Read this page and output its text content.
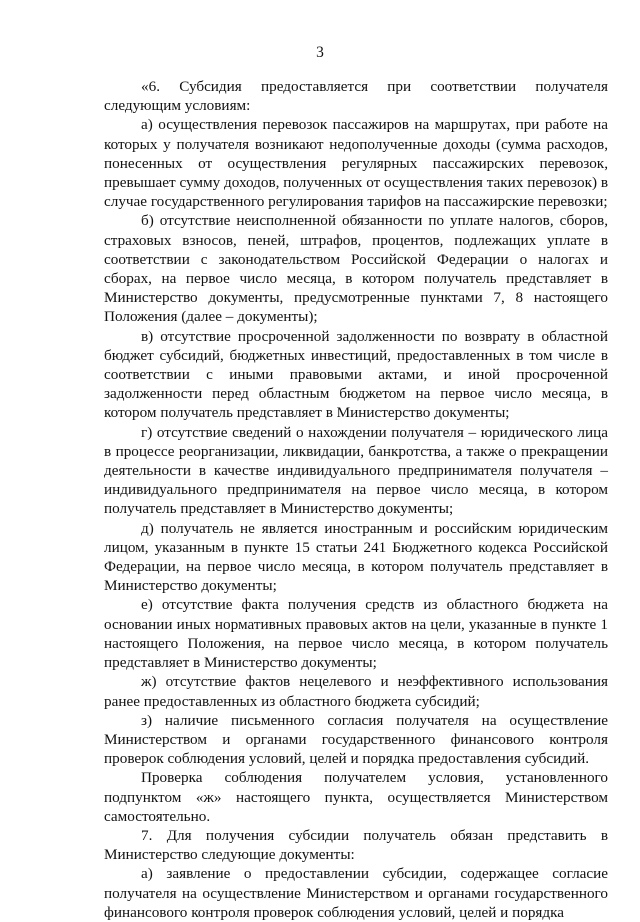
3

«6. Субсидия предоставляется при соответствии получателя следующим условиям:

а) осуществления перевозок пассажиров на маршрутах, при работе на которых у получателя возникают недополученные доходы (сумма расходов, понесенных от осуществления регулярных пассажирских перевозок, превышает сумму доходов, полученных от осуществления таких перевозок) в случае государственного регулирования тарифов на пассажирские перевозки;

б) отсутствие неисполненной обязанности по уплате налогов, сборов, страховых взносов, пеней, штрафов, процентов, подлежащих уплате в соответствии с законодательством Российской Федерации о налогах и сборах, на первое число месяца, в котором получатель представляет в Министерство документы, предусмотренные пунктами 7, 8 настоящего Положения (далее – документы);

в) отсутствие просроченной задолженности по возврату в областной бюджет субсидий, бюджетных инвестиций, предоставленных в том числе в соответствии с иными правовыми актами, и иной просроченной задолженности перед областным бюджетом на первое число месяца, в котором получатель представляет в Министерство документы;

г) отсутствие сведений о нахождении получателя – юридического лица в процессе реорганизации, ликвидации, банкротства, а также о прекращении деятельности в качестве индивидуального предпринимателя получателя – индивидуального предпринимателя на первое число месяца, в котором получатель представляет в Министерство документы;

д) получатель не является иностранным и российским юридическим лицом, указанным в пункте 15 статьи 241 Бюджетного кодекса Российской Федерации, на первое число месяца, в котором получатель представляет в Министерство документы;

е) отсутствие факта получения средств из областного бюджета на основании иных нормативных правовых актов на цели, указанные в пункте 1 настоящего Положения, на первое число месяца, в котором получатель представляет в Министерство документы;

ж) отсутствие фактов нецелевого и неэффективного использования ранее предоставленных из областного бюджета субсидий;

з) наличие письменного согласия получателя на осуществление Министерством и органами государственного финансового контроля проверок соблюдения условий, целей и порядка предоставления субсидий.

Проверка соблюдения получателем условия, установленного подпунктом «ж» настоящего пункта, осуществляется Министерством самостоятельно.

7. Для получения субсидии получатель обязан представить в Министерство следующие документы:

а) заявление о предоставлении субсидии, содержащее согласие получателя на осуществление Министерством и органами государственного финансового контроля проверок соблюдения условий, целей и порядка
